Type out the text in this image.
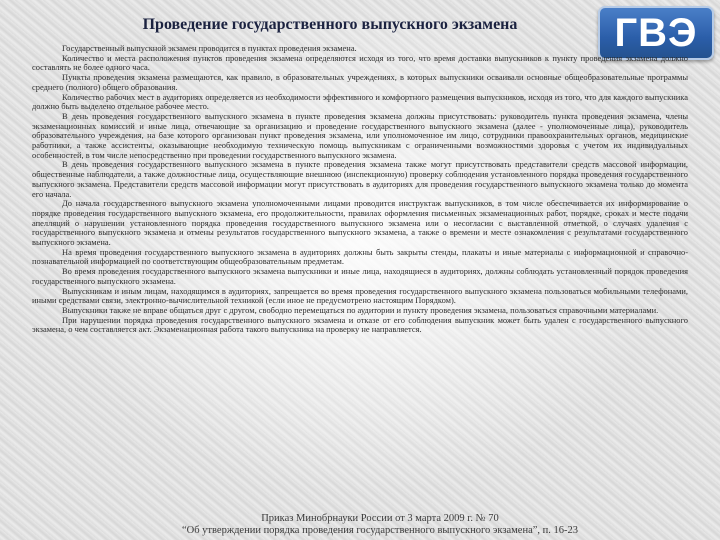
Проведение государственного выпускного экзамена	ГВЭ

Государственный выпускной экзамен проводится в пунктах проведения экзамена.

Количество и места расположения пунктов проведения экзамена определяются исходя из того, что время доставки выпускников к пункту проведения экзамена должно составлять не более одного часа.

Пункты проведения экзамена размещаются, как правило, в образовательных учреждениях, в которых выпускники осваивали основные общеобразовательные программы среднего (полного) общего образования.

Количество рабочих мест в аудиториях определяется из необходимости эффективного и комфортного размещения выпускников, исходя из того, что для каждого выпускника должно быть выделено отдельное рабочее место.

В день проведения государственного выпускного экзамена в пункте проведения экзамена должны присутствовать: руководитель пункта проведения экзамена, члены экзаменационных комиссий и иные лица, отвечающие за организацию и проведение государственного выпускного экзамена (далее - уполномоченные лица), руководитель образовательного учреждения, на базе которого организован пункт проведения экзамена, или уполномоченное им лицо, сотрудники правоохранительных органов, медицинские работники, а также ассистенты, оказывающие необходимую техническую помощь выпускникам с ограниченными возможностями здоровья с учетом их индивидуальных особенностей, в том числе непосредственно при проведении государственного выпускного экзамена.

В день проведения государственного выпускного экзамена в пункте проведения экзамена также могут присутствовать представители средств массовой информации, общественные наблюдатели, а также должностные лица, осуществляющие внешнюю (инспекционную) проверку соблюдения установленного порядка проведения государственного выпускного экзамена. Представители средств массовой информации могут присутствовать в аудиториях для проведения государственного выпускного экзамена только до момента его начала.

До начала государственного выпускного экзамена уполномоченными лицами проводится инструктаж выпускников, в том числе обеспечивается их информирование о порядке проведения государственного выпускного экзамена, его продолжительности, правилах оформления письменных экзаменационных работ, порядке, сроках и месте подачи апелляций о нарушении установленного порядка проведения государственного выпускного экзамена или о несогласии с выставленной отметкой, о случаях удаления с государственного выпускного экзамена и отмены результатов государственного выпускного экзамена, а также о времени и месте ознакомления с результатами государственного выпускного экзамена.

На время проведения государственного выпускного экзамена в аудиториях должны быть закрыты стенды, плакаты и иные материалы с информационной и справочно-познавательной информацией по соответствующим общеобразовательным предметам.

Во время проведения государственного выпускного экзамена выпускники и иные лица, находящиеся в аудиториях, должны соблюдать установленный порядок проведения государственного выпускного экзамена.

Выпускникам и иным лицам, находящимся в аудиториях, запрещается во время проведения государственного выпускного экзамена пользоваться мобильными телефонами, иными средствами связи, электронно-вычислительной техникой (если иное не предусмотрено настоящим Порядком).

Выпускники также не вправе общаться друг с другом, свободно перемещаться по аудитории и пункту проведения экзамена, пользоваться справочными материалами.

При нарушении порядка проведения государственного выпускного экзамена и отказе от его соблюдения выпускник может быть удален с государственного выпускного экзамена, о чем составляется акт. Экзаменационная работа такого выпускника на проверку не направляется.

Приказ Минобрнауки России от 3 марта 2009 г. № 70
“Об утверждении порядка проведения государственного выпускного экзамена”, п. 16-23
